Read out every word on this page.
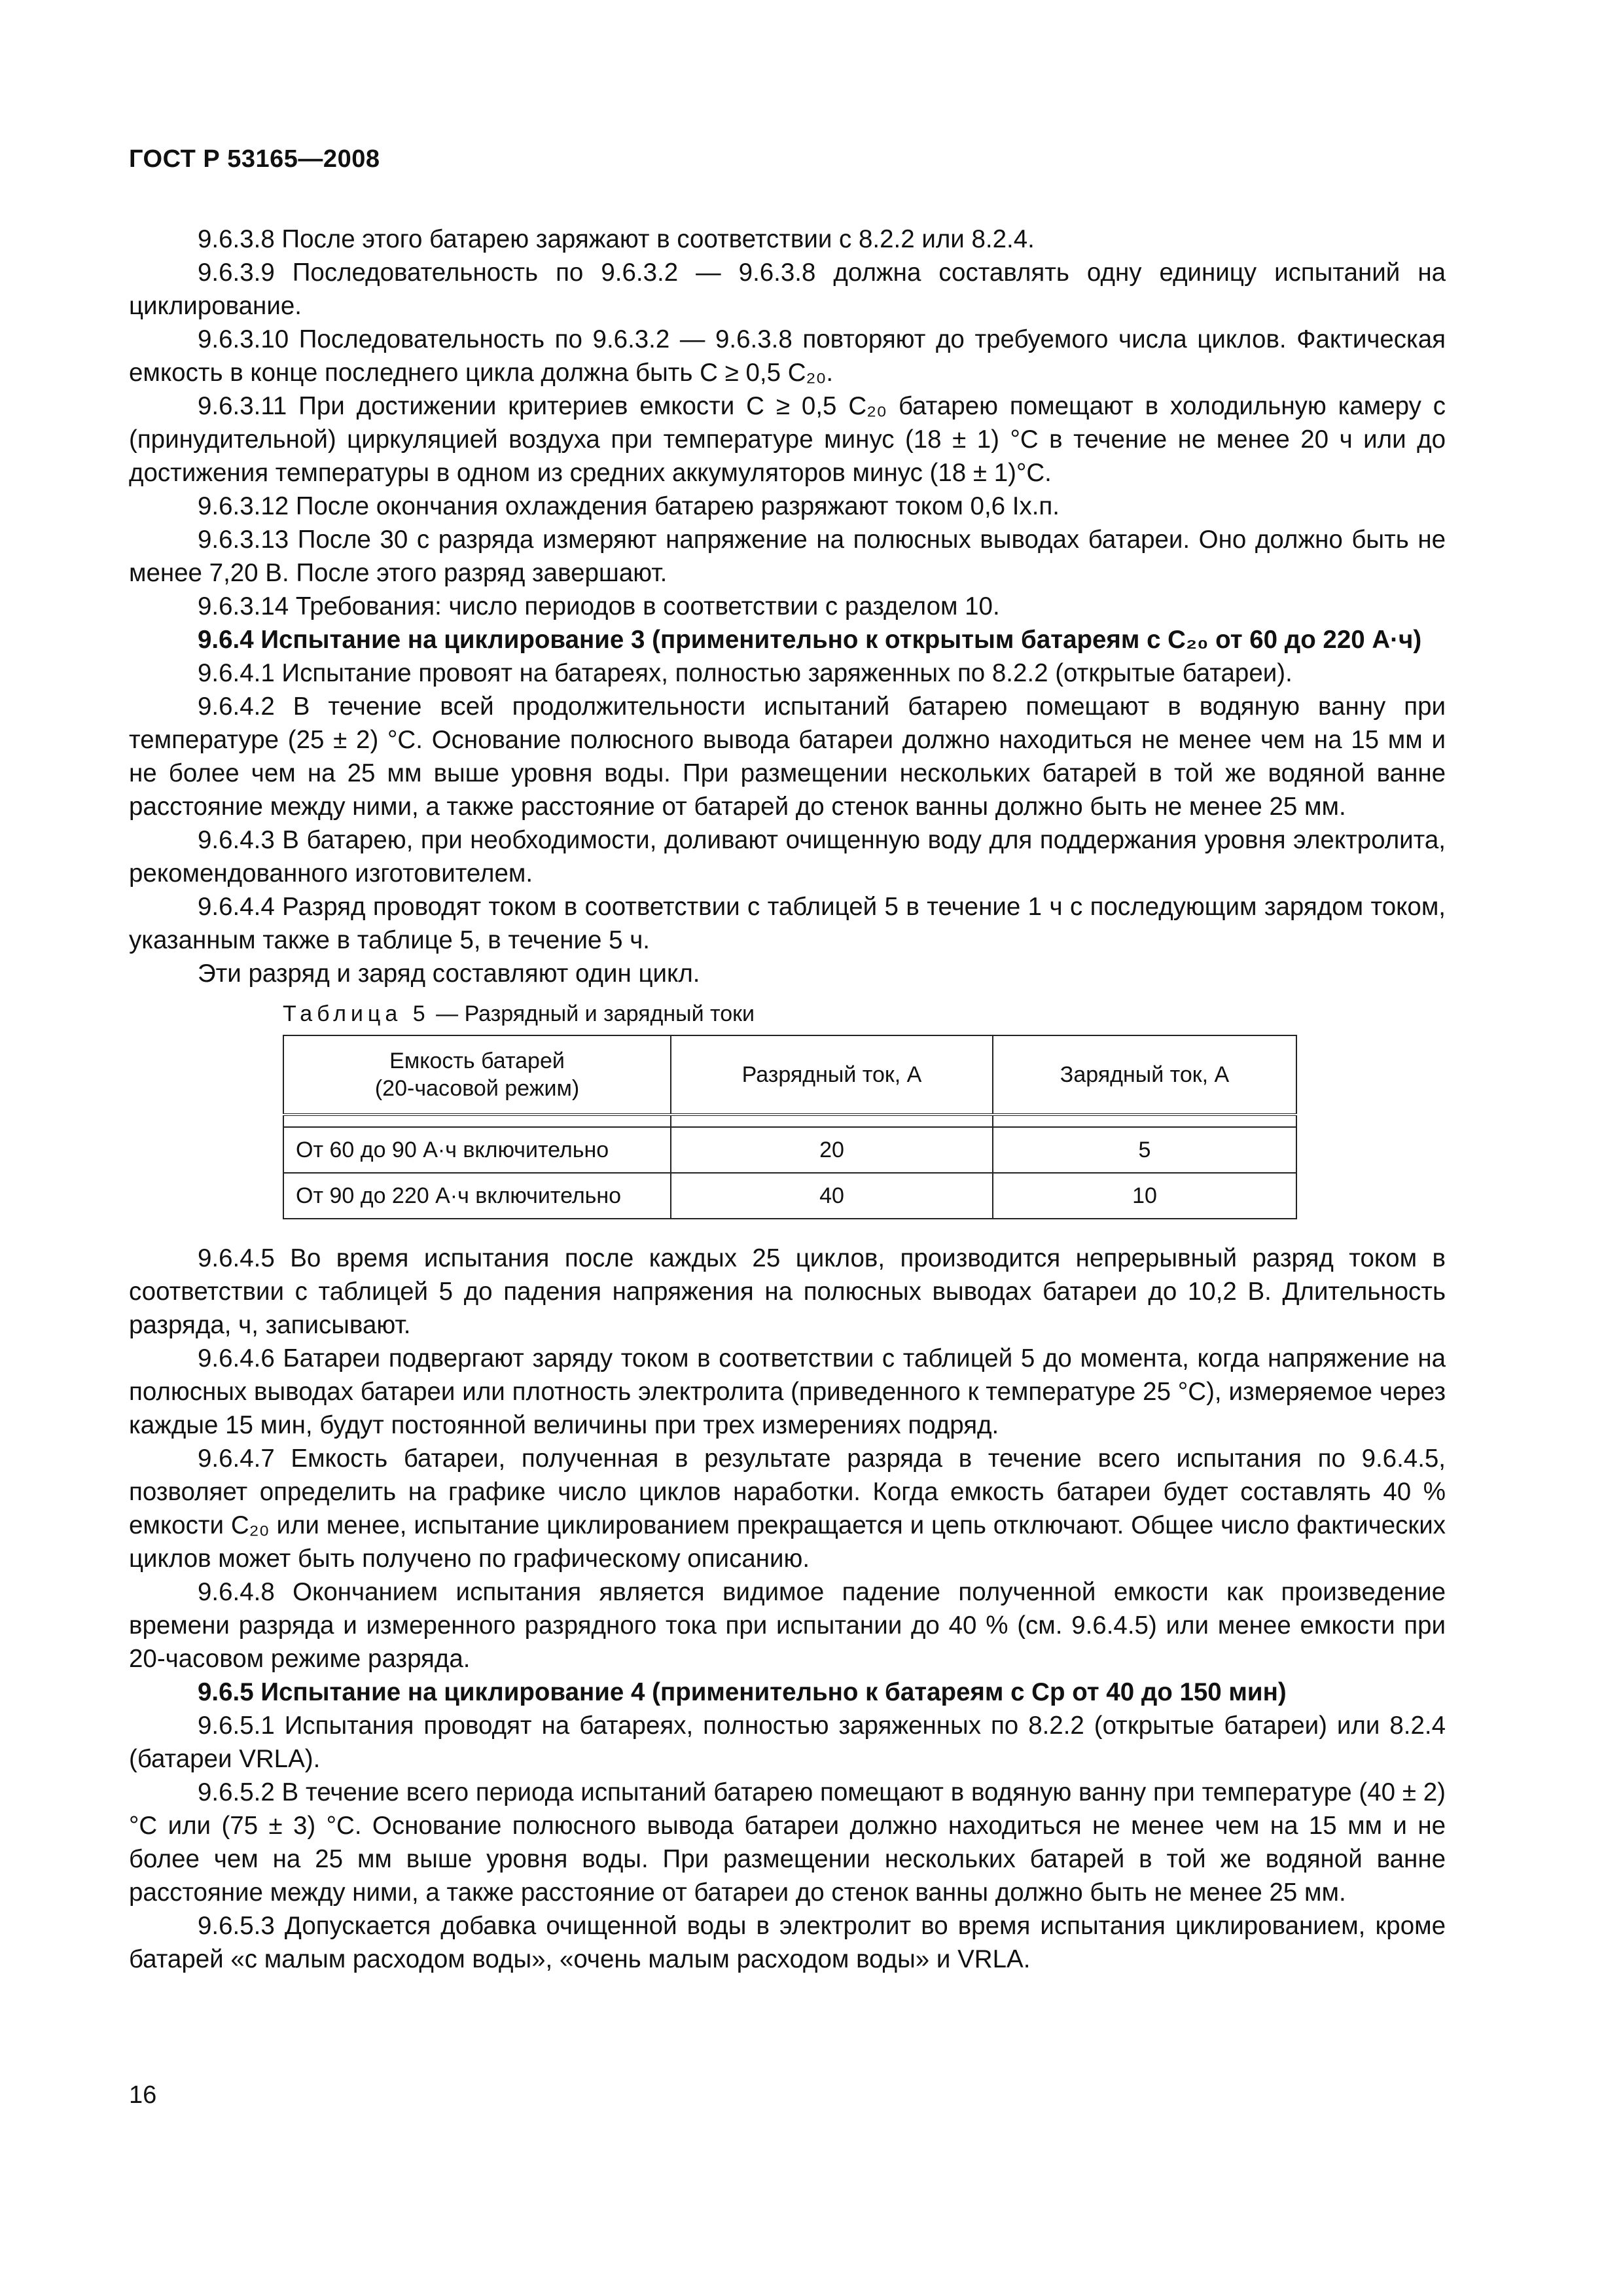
ГОСТ Р 53165—2008

9.6.3.8 После этого батарею заряжают в соответствии с 8.2.2 или 8.2.4.

9.6.3.9 Последовательность по 9.6.3.2 — 9.6.3.8 должна составлять одну единицу испытаний на циклирование.

9.6.3.10 Последовательность по 9.6.3.2 — 9.6.3.8 повторяют до требуемого числа циклов. Фактическая емкость в конце последнего цикла должна быть C ≥ 0,5 C₂₀.

9.6.3.11 При достижении критериев емкости C ≥ 0,5 C₂₀ батарею помещают в холодильную камеру с (принудительной) циркуляцией воздуха при температуре минус (18 ± 1) °С в течение не менее 20 ч или до достижения температуры в одном из средних аккумуляторов минус (18 ± 1)°С.

9.6.3.12 После окончания охлаждения батарею разряжают током 0,6 Iх.п.

9.6.3.13 После 30 с разряда измеряют напряжение на полюсных выводах батареи. Оно должно быть не менее 7,20 В. После этого разряд завершают.

9.6.3.14 Требования: число периодов в соответствии с разделом 10.

9.6.4 Испытание на циклирование 3 (применительно к открытым батареям с C₂₀ от 60 до 220 А·ч)

9.6.4.1 Испытание провоят на батареях, полностью заряженных по 8.2.2 (открытые батареи).

9.6.4.2 В течение всей продолжительности испытаний батарею помещают в водяную ванну при температуре (25 ± 2) °С. Основание полюсного вывода батареи должно находиться не менее чем на 15 мм и не более чем на 25 мм выше уровня воды. При размещении нескольких батарей в той же водяной ванне расстояние между ними, а также расстояние от батарей до стенок ванны должно быть не менее 25 мм.

9.6.4.3 В батарею, при необходимости, доливают очищенную воду для поддержания уровня электролита, рекомендованного изготовителем.

9.6.4.4 Разряд проводят током в соответствии с таблицей 5 в течение 1 ч с последующим зарядом током, указанным также в таблице 5, в течение 5 ч.

Эти разряд и заряд составляют один цикл.

Таблица 5 — Разрядный и зарядный токи
Емкость батарей
(20-часовой режим)	Разрядный ток, А	Зарядный ток, А

От 60 до 90 А·ч включительно	20	5
От 90 до 220 А·ч включительно	40	10

9.6.4.5 Во время испытания после каждых 25 циклов, производится непрерывный разряд током в соответствии с таблицей 5 до падения напряжения на полюсных выводах батареи до 10,2 В. Длительность разряда, ч, записывают.

9.6.4.6 Батареи подвергают заряду током в соответствии с таблицей 5 до момента, когда напряжение на полюсных выводах батареи или плотность электролита (приведенного к температуре 25 °С), измеряемое через каждые 15 мин, будут постоянной величины при трех измерениях подряд.

9.6.4.7 Емкость батареи, полученная в результате разряда в течение всего испытания по 9.6.4.5, позволяет определить на графике число циклов наработки. Когда емкость батареи будет составлять 40 % емкости C₂₀ или менее, испытание циклированием прекращается и цепь отключают. Общее число фактических циклов может быть получено по графическому описанию.

9.6.4.8 Окончанием испытания является видимое падение полученной емкости как произведение времени разряда и измеренного разрядного тока при испытании до 40 % (см. 9.6.4.5) или менее емкости при 20-часовом режиме разряда.

9.6.5 Испытание на циклирование 4 (применительно к батареям с Cp от 40 до 150 мин)

9.6.5.1 Испытания проводят на батареях, полностью заряженных по 8.2.2 (открытые батареи) или 8.2.4 (батареи VRLA).

9.6.5.2 В течение всего периода испытаний батарею помещают в водяную ванну при температуре (40 ± 2) °С или (75 ± 3) °С. Основание полюсного вывода батареи должно находиться не менее чем на 15 мм и не более чем на 25 мм выше уровня воды. При размещении нескольких батарей в той же водяной ванне расстояние между ними, а также расстояние от батареи до стенок ванны должно быть не менее 25 мм.

9.6.5.3 Допускается добавка очищенной воды в электролит во время испытания циклированием, кроме батарей «с малым расходом воды», «очень малым расходом воды» и VRLA.

16
